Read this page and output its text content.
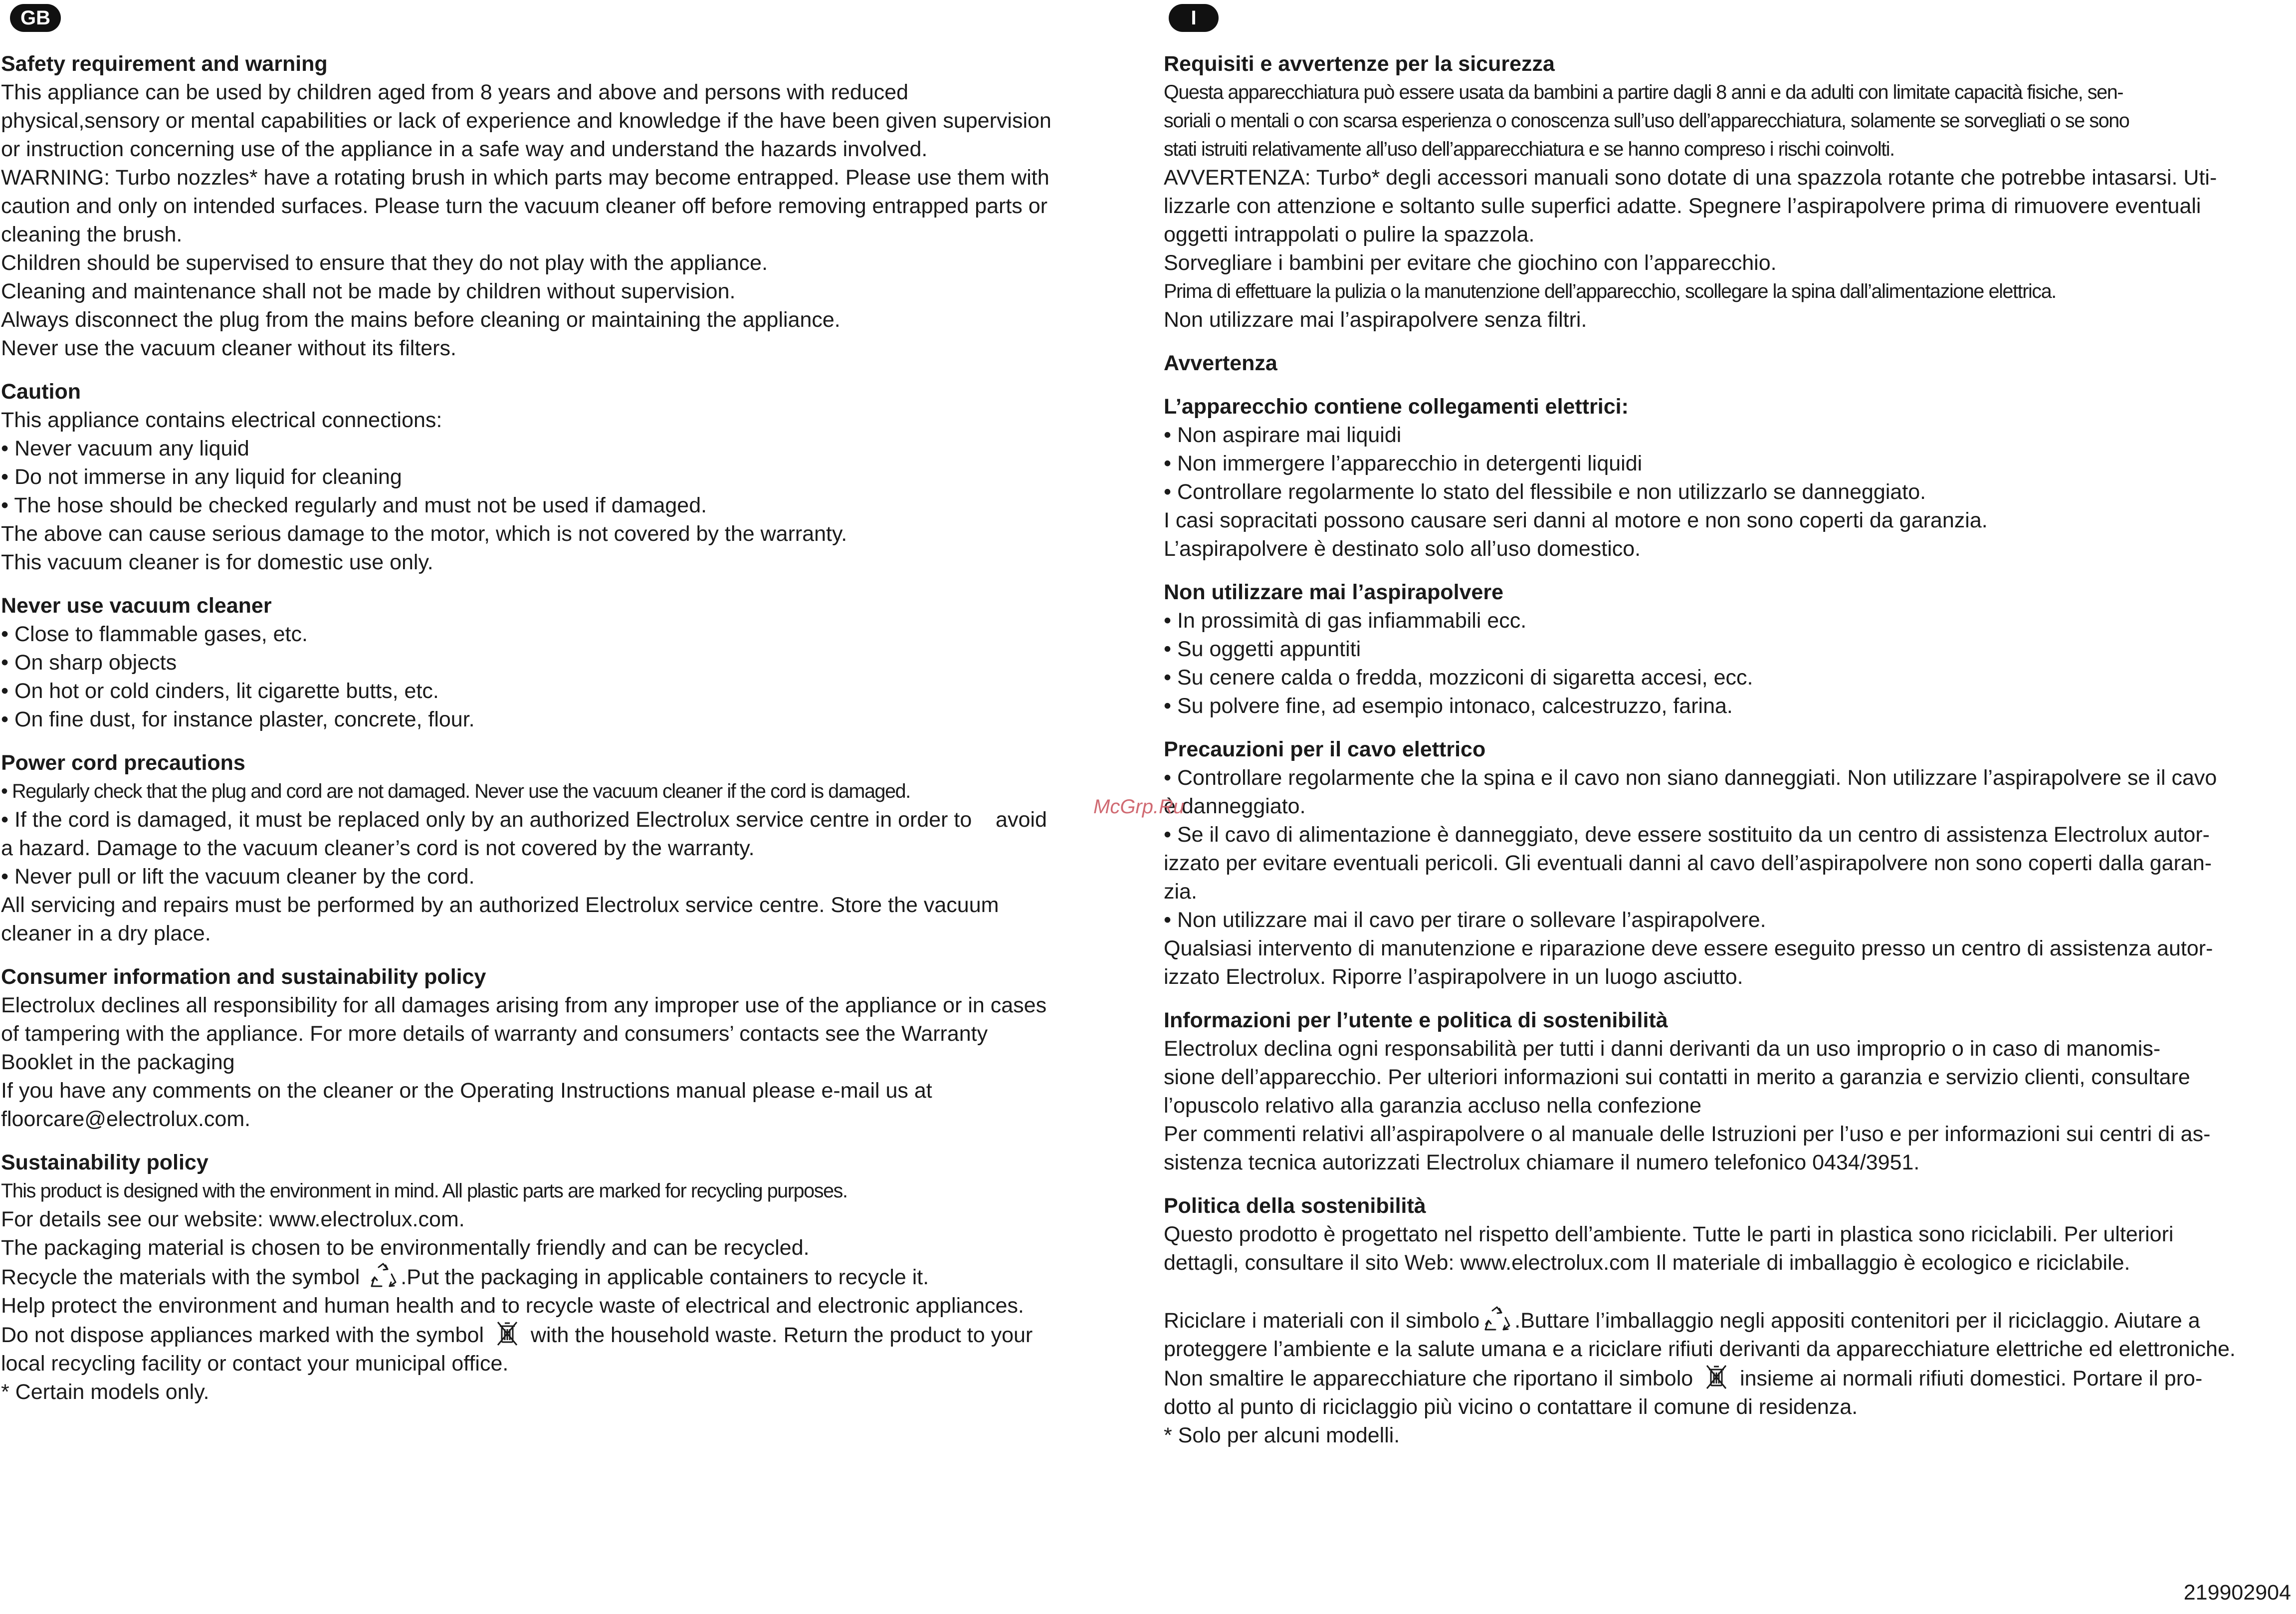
GB
Safety requirement and warning
This appliance can be used by children aged from 8 years and above and persons with reduced
physical,sensory or mental capabilities or lack of experience and knowledge if the have been given supervision
or instruction concerning use of the appliance in a safe way and understand the hazards involved.
WARNING: Turbo nozzles* have a rotating brush in which parts may become entrapped. Please use them with
caution and only on intended surfaces. Please turn the vacuum cleaner off before removing entrapped parts or
cleaning the brush.
Children should be supervised to ensure that they do not play with the appliance.
Cleaning and maintenance shall not be made by children without supervision.
Always disconnect the plug from the mains before cleaning or maintaining the appliance.
Never use the vacuum cleaner without its filters.
Caution
This appliance contains electrical connections:
• Never vacuum any liquid
• Do not immerse in any liquid for cleaning
• The hose should be checked regularly and must not be used if damaged.
The above can cause serious damage to the motor, which is not covered by the warranty.
This vacuum cleaner is for domestic use only.
Never use vacuum cleaner
• Close to flammable gases, etc.
• On sharp objects
• On hot or cold cinders, lit cigarette butts, etc.
• On fine dust, for instance plaster, concrete, flour.
Power cord precautions
• Regularly check that the plug and cord are not damaged. Never use the vacuum cleaner if the cord is damaged.
• If the cord is damaged, it must be replaced only by an authorized Electrolux service centre in order to    avoid
a hazard. Damage to the vacuum cleaner’s cord is not covered by the warranty.
• Never pull or lift the vacuum cleaner by the cord.
All servicing and repairs must be performed by an authorized Electrolux service centre. Store the vacuum
cleaner in a dry place.
Consumer information and sustainability policy
Electrolux declines all responsibility for all damages arising from any improper use of the appliance or in cases
of tampering with the appliance. For more details of warranty and consumers’ contacts see the Warranty
Booklet in the packaging
If you have any comments on the cleaner or the Operating Instructions manual please e-mail us at
floorcare@electrolux.com.
Sustainability policy
This product is designed with the environment in mind. All plastic parts are marked for recycling purposes.
For details see our website: www.electrolux.com.
The packaging material is chosen to be environmentally friendly and can be recycled.
Recycle the materials with the symbol .Put the packaging in applicable containers to recycle it.
Help protect the environment and human health and to recycle waste of electrical and electronic appliances.
Do not dispose appliances marked with the symbol  with the household waste. Return the product to your
local recycling facility or contact your municipal office.
* Certain models only.
I
Requisiti e avvertenze per la sicurezza
Questa apparecchiatura può essere usata da bambini a partire dagli 8 anni e da adulti con limitate capacità fisiche, sen-
soriali o mentali o con scarsa esperienza o conoscenza sull’uso dell’apparecchiatura, solamente se sorvegliati o se sono
stati istruiti relativamente all’uso dell’apparecchiatura e se hanno compreso i rischi coinvolti.
AVVERTENZA: Turbo* degli accessori manuali sono dotate di una spazzola rotante che potrebbe intasarsi. Uti-
lizzarle con attenzione e soltanto sulle superfici adatte. Spegnere l’aspirapolvere prima di rimuovere eventuali
oggetti intrappolati o pulire la spazzola.
Sorvegliare i bambini per evitare che giochino con l’apparecchio.
Prima di effettuare la pulizia o la manutenzione dell’apparecchio, scollegare la spina dall’alimentazione elettrica.
Non utilizzare mai l’aspirapolvere senza filtri.
Avvertenza
L’apparecchio contiene collegamenti elettrici:
• Non aspirare mai liquidi
• Non immergere l’apparecchio in detergenti liquidi
• Controllare regolarmente lo stato del flessibile e non utilizzarlo se danneggiato.
I casi sopracitati possono causare seri danni al motore e non sono coperti da garanzia.
L’aspirapolvere è destinato solo all’uso domestico.
Non utilizzare mai l’aspirapolvere
• In prossimità di gas infiammabili ecc.
• Su oggetti appuntiti
• Su cenere calda o fredda, mozziconi di sigaretta accesi, ecc.
• Su polvere fine, ad esempio intonaco, calcestruzzo, farina.
Precauzioni per il cavo elettrico
• Controllare regolarmente che la spina e il cavo non siano danneggiati. Non utilizzare l’aspirapolvere se il cavo
è danneggiato.
• Se il cavo di alimentazione è danneggiato, deve essere sostituito da un centro di assistenza Electrolux autor-
izzato per evitare eventuali pericoli. Gli eventuali danni al cavo dell’aspirapolvere non sono coperti dalla garan-
zia.
• Non utilizzare mai il cavo per tirare o sollevare l’aspirapolvere.
Qualsiasi intervento di manutenzione e riparazione deve essere eseguito presso un centro di assistenza autor-
izzato Electrolux. Riporre l’aspirapolvere in un luogo asciutto.
Informazioni per l’utente e politica di sostenibilità
Electrolux declina ogni responsabilità per tutti i danni derivanti da un uso improprio o in caso di manomis-
sione dell’apparecchio. Per ulteriori informazioni sui contatti in merito a garanzia e servizio clienti, consultare
l’opuscolo relativo alla garanzia accluso nella confezione
Per commenti relativi all’aspirapolvere o al manuale delle Istruzioni per l’uso e per informazioni sui centri di as-
sistenza tecnica autorizzati Electrolux chiamare il numero telefonico 0434/3951.
Politica della sostenibilità
Questo prodotto è progettato nel rispetto dell’ambiente. Tutte le parti in plastica sono riciclabili. Per ulteriori
dettagli, consultare il sito Web: www.electrolux.com Il materiale di imballaggio è ecologico e riciclabile.

Riciclare i materiali con il simbolo .Buttare l’imballaggio negli appositi contenitori per il riciclaggio. Aiutare a
proteggere l’ambiente e la salute umana e a riciclare rifiuti derivanti da apparecchiature elettriche ed elettroniche.
Non smaltire le apparecchiature che riportano il simbolo  insieme ai normali rifiuti domestici. Portare il pro-
dotto al punto di riciclaggio più vicino o contattare il comune di residenza.
* Solo per alcuni modelli.
McGrp.Ru
219902904
